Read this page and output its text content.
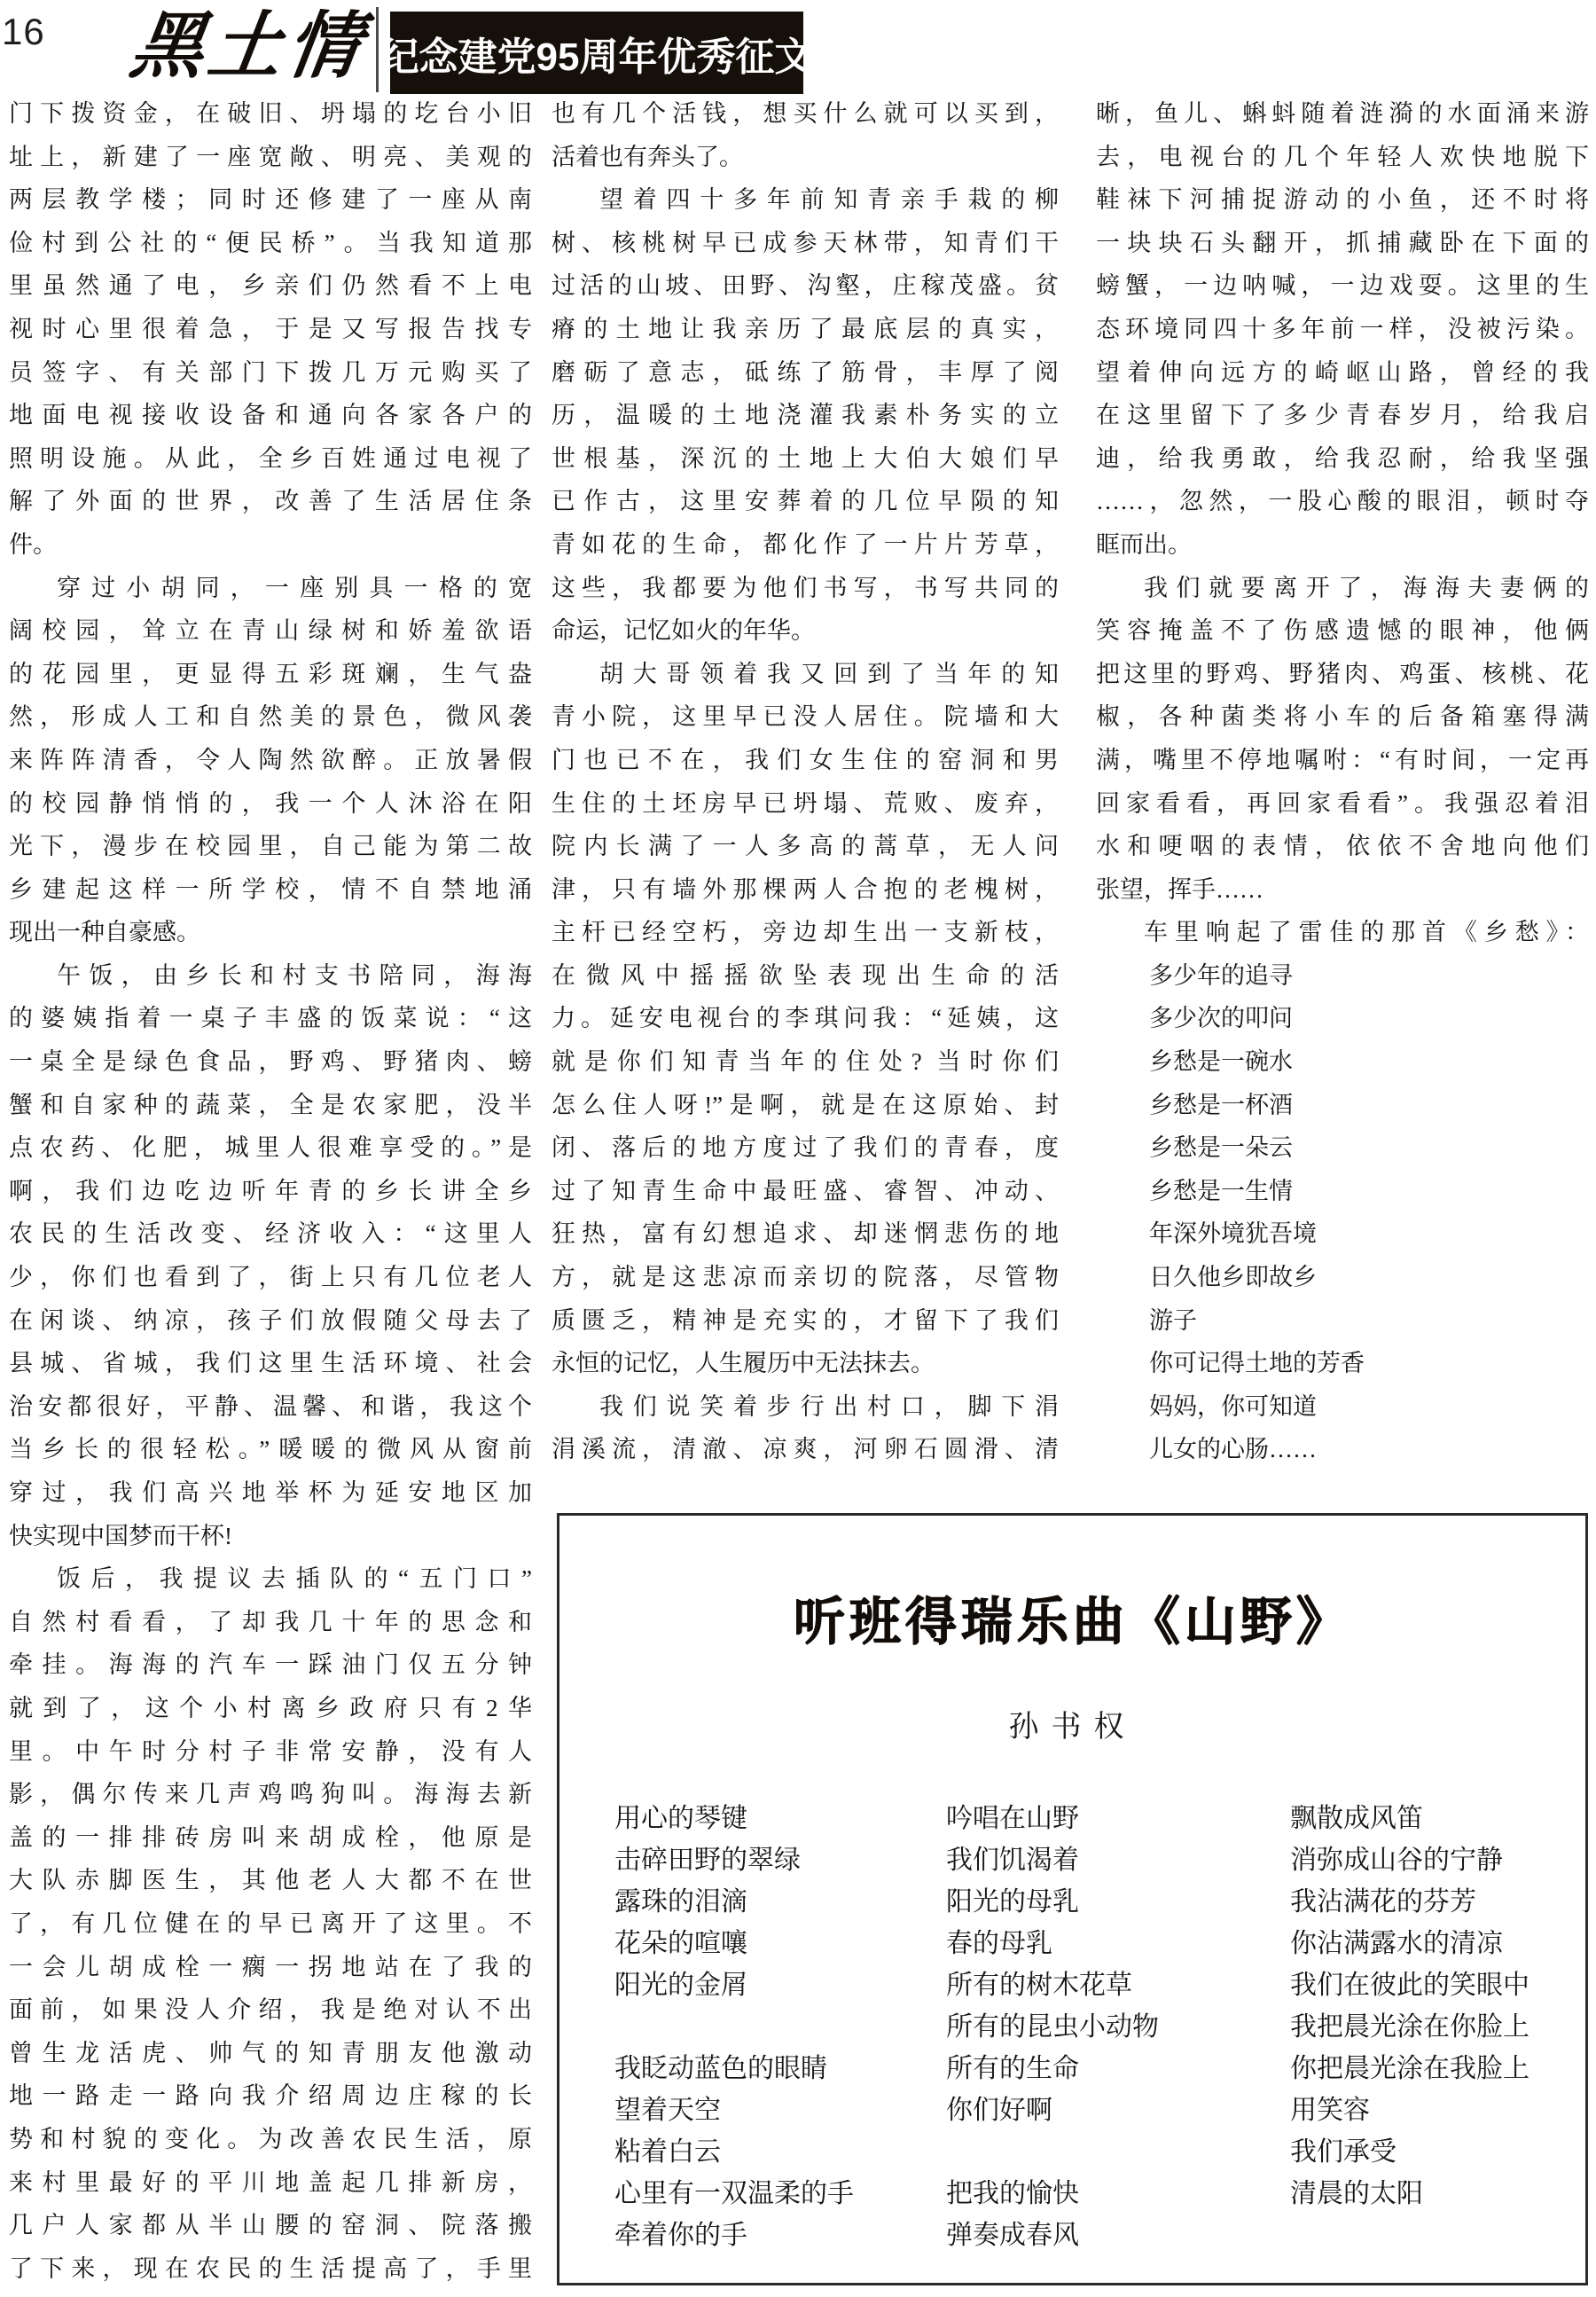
16 黑土情 纪念建党95周年优秀征文
门下拨资金，在破旧、坍塌的圪台小旧
址上，新建了一座宽敞、明亮、美观的
两层教学楼；同时还修建了一座从南
俭村到公社的“便民桥”。当我知道那
里虽然通了电，乡亲们仍然看不上电
视时心里很着急，于是又写报告找专
员签字、有关部门下拨几万元购买了
地面电视接收设备和通向各家各户的
照明设施。从此，全乡百姓通过电视了
解了外面的世界，改善了生活居住条
件。
穿过小胡同，一座别具一格的宽
阔校园，耸立在青山绿树和娇羞欲语
的花园里，更显得五彩斑斓，生气盎
然，形成人工和自然美的景色，微风袭
来阵阵清香，令人陶然欲醉。正放暑假
的校园静悄悄的，我一个人沐浴在阳
光下，漫步在校园里，自己能为第二故
乡建起这样一所学校，情不自禁地涌
现出一种自豪感。
午饭，由乡长和村支书陪同，海海
的婆姨指着一桌子丰盛的饭菜说：“这
一桌全是绿色食品，野鸡、野猪肉、螃
蟹和自家种的蔬菜，全是农家肥，没半
点农药、化肥，城里人很难享受的。”是
啊，我们边吃边听年青的乡长讲全乡
农民的生活改变、经济收入：“这里人
少，你们也看到了，街上只有几位老人
在闲谈、纳凉，孩子们放假随父母去了
县城、省城，我们这里生活环境、社会
治安都很好，平静、温馨、和谐，我这个
当乡长的很轻松。”暖暖的微风从窗前
穿过，我们高兴地举杯为延安地区加
快实现中国梦而干杯!
饭后，我提议去插队的“五门口”
自然村看看，了却我几十年的思念和
牵挂。海海的汽车一踩油门仅五分钟
就到了，这个小村离乡政府只有2华
里。中午时分村子非常安静，没有人
影，偶尔传来几声鸡鸣狗叫。海海去新
盖的一排排砖房叫来胡成栓，他原是
大队赤脚医生，其他老人大都不在世
了，有几位健在的早已离开了这里。不
一会儿胡成栓一瘸一拐地站在了我的
面前，如果没人介绍，我是绝对认不出
曾生龙活虎、帅气的知青朋友他激动
地一路走一路向我介绍周边庄稼的长
势和村貌的变化。为改善农民生活，原
来村里最好的平川地盖起几排新房，
几户人家都从半山腰的窑洞、院落搬
了下来，现在农民的生活提高了，手里
也有几个活钱，想买什么就可以买到，
活着也有奔头了。
望着四十多年前知青亲手栽的柳
树、核桃树早已成参天林带，知青们干
过活的山坡、田野、沟壑，庄稼茂盛。贫
瘠的土地让我亲历了最底层的真实，
磨砺了意志，砥练了筋骨，丰厚了阅
历，温暖的土地浇灌我素朴务实的立
世根基，深沉的土地上大伯大娘们早
已作古，这里安葬着的几位早陨的知
青如花的生命，都化作了一片片芳草，
这些，我都要为他们书写，书写共同的
命运，记忆如火的年华。
胡大哥领着我又回到了当年的知
青小院，这里早已没人居住。院墙和大
门也已不在，我们女生住的窑洞和男
生住的土坯房早已坍塌、荒败、废弃，
院内长满了一人多高的蒿草，无人问
津，只有墙外那棵两人合抱的老槐树，
主杆已经空朽，旁边却生出一支新枝，
在微风中摇摇欲坠表现出生命的活
力。延安电视台的李琪问我：“延姨，这
就是你们知青当年的住处? 当时你们
怎么住人呀!”是啊，就是在这原始、封
闭、落后的地方度过了我们的青春，度
过了知青生命中最旺盛、睿智、冲动、
狂热，富有幻想追求、却迷惘悲伤的地
方，就是这悲凉而亲切的院落，尽管物
质匮乏，精神是充实的，才留下了我们
永恒的记忆，人生履历中无法抹去。
我们说笑着步行出村口，脚下涓
涓溪流，清澈、凉爽，河卵石圆滑、清
晰，鱼儿、蝌蚪随着涟漪的水面涌来游
去，电视台的几个年轻人欢快地脱下
鞋袜下河捕捉游动的小鱼，还不时将
一块块石头翻开，抓捕藏卧在下面的
螃蟹，一边呐喊，一边戏耍。这里的生
态环境同四十多年前一样，没被污染。
望着伸向远方的崎岖山路，曾经的我
在这里留下了多少青春岁月，给我启
迪，给我勇敢，给我忍耐，给我坚强
……，忽然，一股心酸的眼泪，顿时夺
眶而出。
我们就要离开了，海海夫妻俩的
笑容掩盖不了伤感遗憾的眼神，他俩
把这里的野鸡、野猪肉、鸡蛋、核桃、花
椒，各种菌类将小车的后备箱塞得满
满，嘴里不停地嘱咐：“有时间，一定再
回家看看，再回家看看”。我强忍着泪
水和哽咽的表情，依依不舍地向他们
张望，挥手……
车里响起了雷佳的那首《乡愁》：
多少年的追寻
多少次的叩问
乡愁是一碗水
乡愁是一杯酒
乡愁是一朵云
乡愁是一生情
年深外境犹吾境
日久他乡即故乡
游子
你可记得土地的芳香
妈妈，你可知道
儿女的心肠……
听班得瑞乐曲《山野》
孙书权
用心的琴键
击碎田野的翠绿
露珠的泪滴
花朵的喧嚷
阳光的金屑
我眨动蓝色的眼睛
望着天空
粘着白云
心里有一双温柔的手
牵着你的手
吟唱在山野
我们饥渴着
阳光的母乳
春的母乳
所有的树木花草
所有的昆虫小动物
所有的生命
你们好啊
把我的愉快
弹奏成春风
飘散成风笛
消弥成山谷的宁静
我沾满花的芬芳
你沾满露水的清凉
我们在彼此的笑眼中
我把晨光涂在你脸上
你把晨光涂在我脸上
用笑容
我们承受
清晨的太阳
